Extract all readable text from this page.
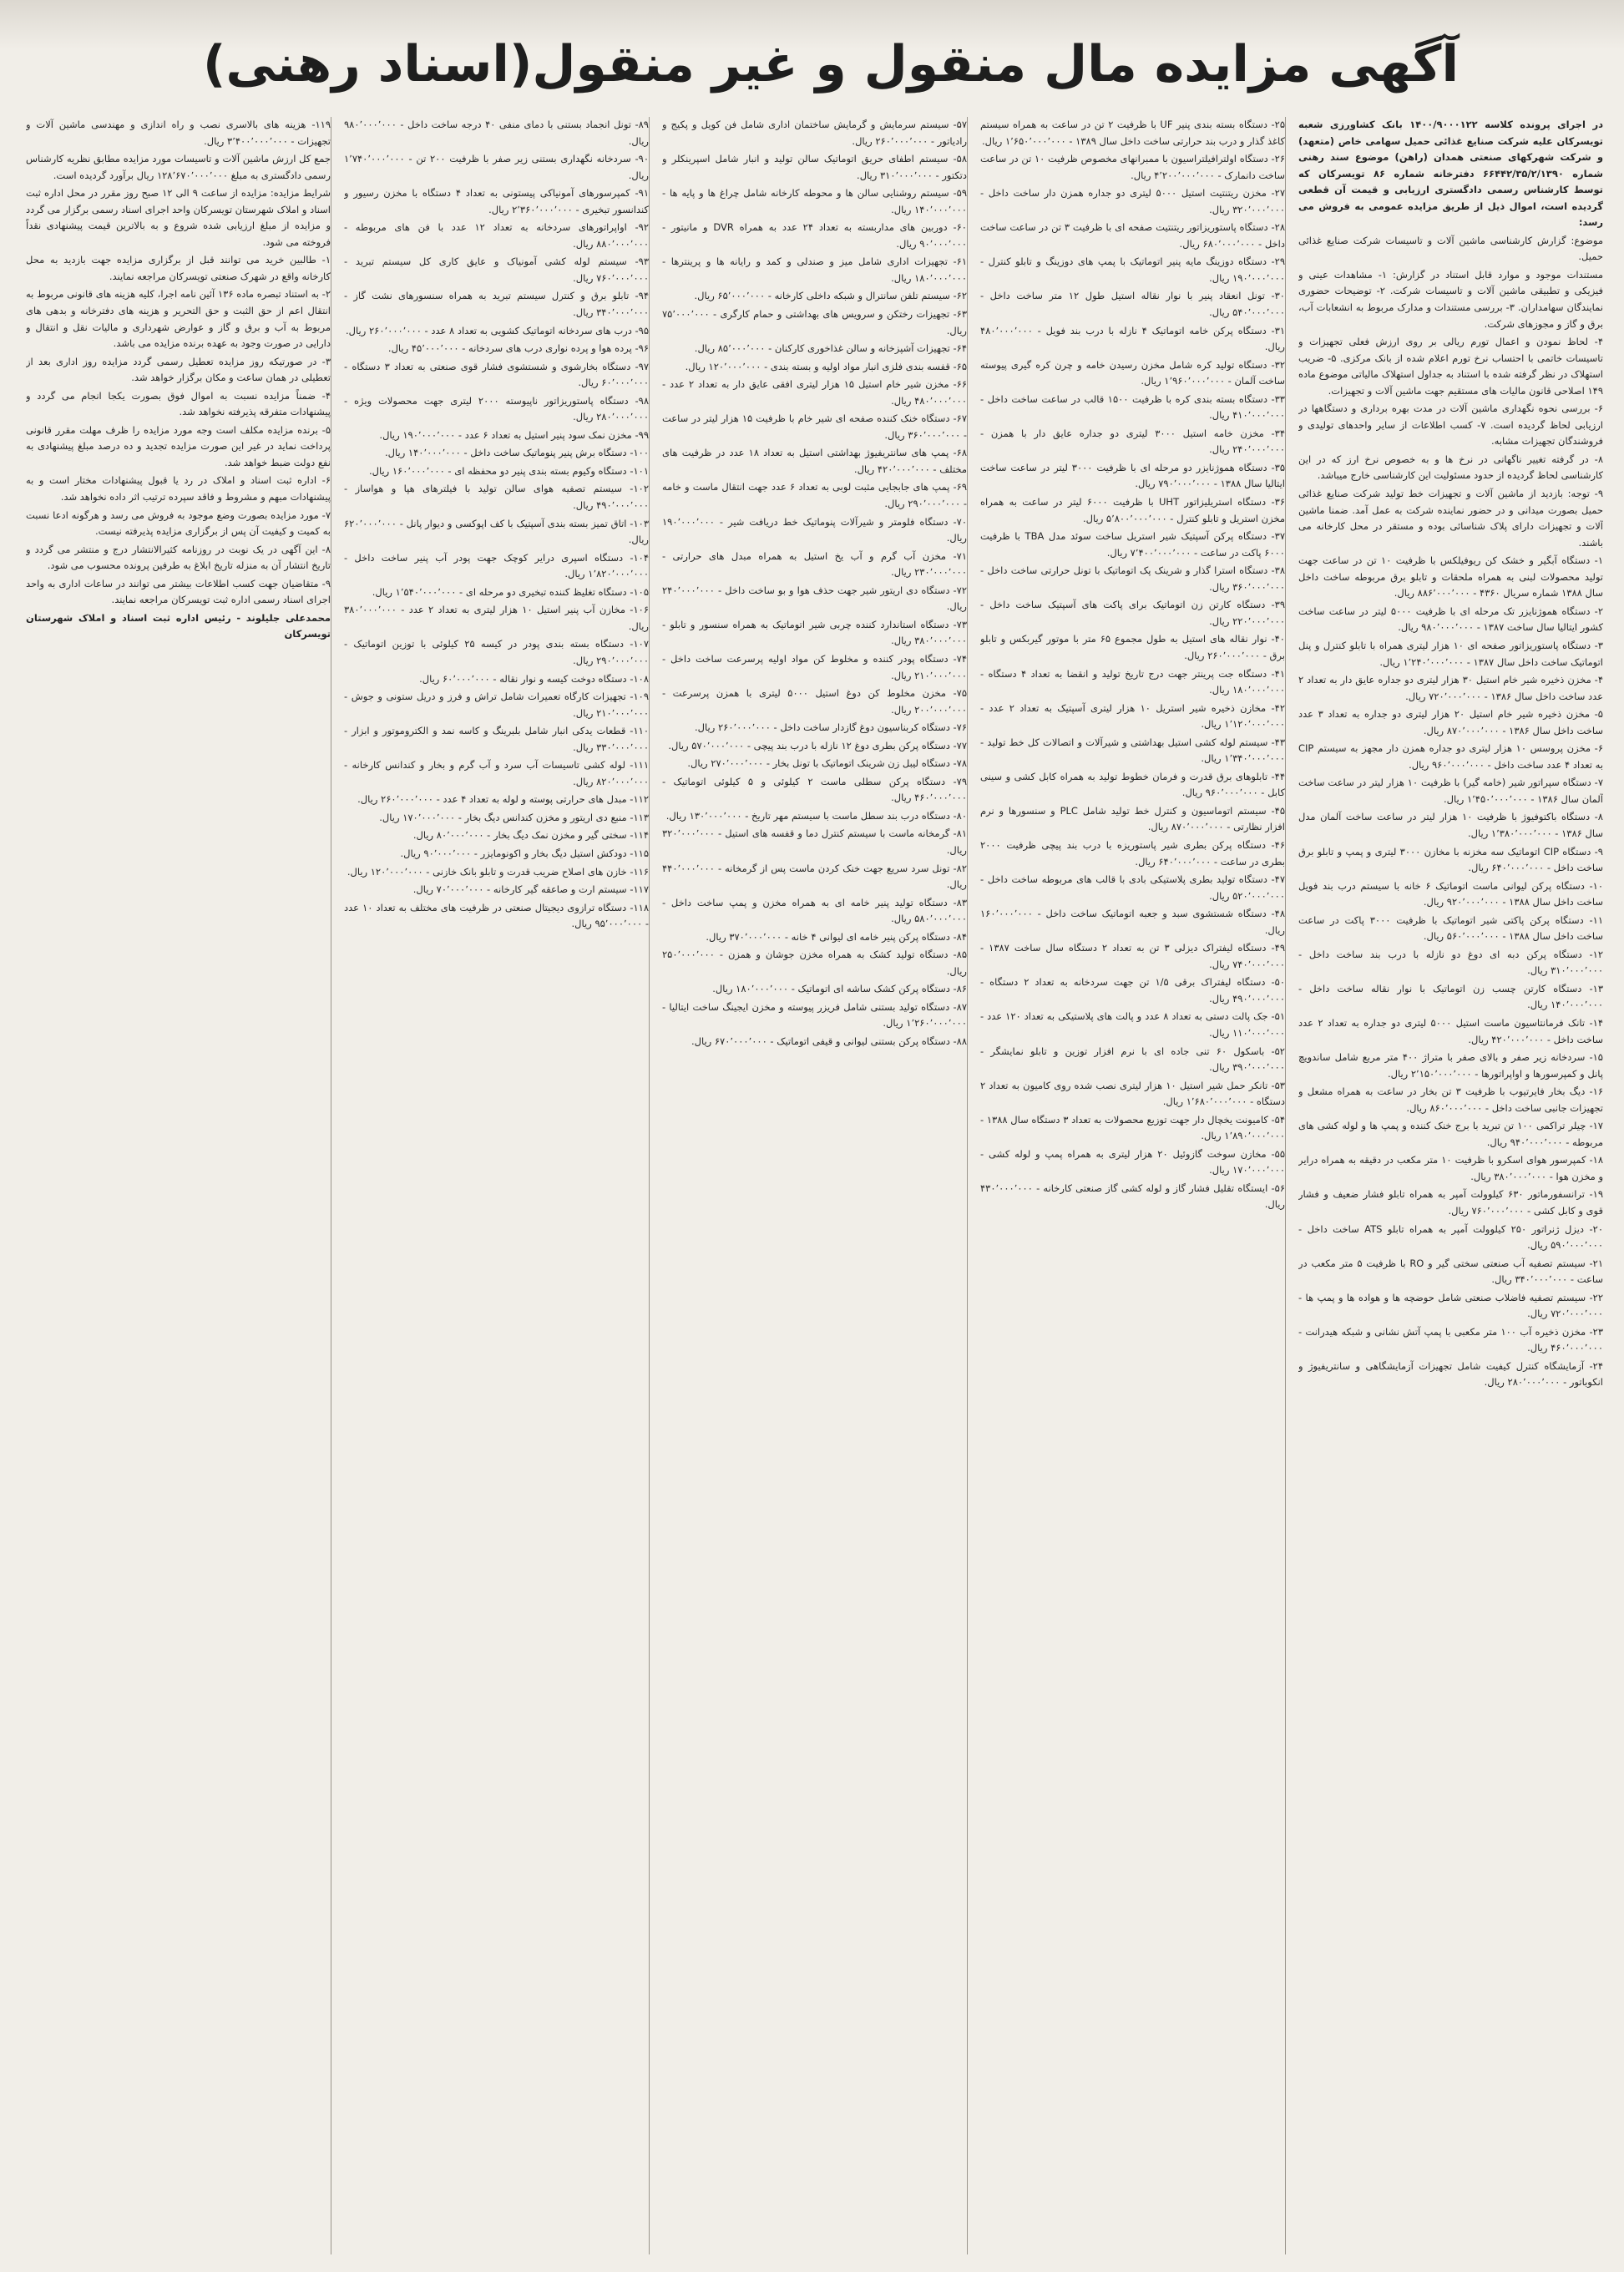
آگهی مزایده مال منقول و غیر منقول(اسناد رهنی)

در اجرای پرونده کلاسه ۱۴۰۰/۹۰۰۰۱۲۲ بانک کشاورزی شعبه تویسرکان علیه شرکت صنایع غذائی حمیل سهامی خاص (متعهد) و شرکت شهرکهای صنعتی همدان (راهن) موضوع سند رهنی شماره ۶۶۴۴۲/۳۵/۲/۱۳۹۰ دفترخانه شماره ۸۶ تویسرکان که توسط کارشناس رسمی دادگستری ارزیابی و قیمت آن قطعی گردیده است، اموال ذیل از طریق مزایده عمومی به فروش می رسد:

موضوع: گزارش کارشناسی ماشین آلات و تاسیسات شرکت صنایع غذائی حمیل.

مستندات موجود و موارد قابل استناد در گزارش: ۱- مشاهدات عینی و فیزیکی و تطبیقی ماشین آلات و تاسیسات شرکت. ۲- توضیحات حضوری نمایندگان سهامداران. ۳- بررسی مستندات و مدارک مربوط به انشعابات آب، برق و گاز و مجوزهای شرکت.

۴- لحاظ نمودن و اعمال تورم ریالی بر روی ارزش فعلی تجهیزات و تاسیسات خاتمی با احتساب نرخ تورم اعلام شده از بانک مرکزی. ۵- ضریب استهلاک در نظر گرفته شده با استناد به جداول استهلاک مالیاتی موضوع ماده ۱۴۹ اصلاحی قانون مالیات های مستقیم جهت ماشین آلات و تجهیزات.

۶- بررسی نحوه نگهداری ماشین آلات در مدت بهره برداری و دستگاهها در ارزیابی لحاظ گردیده است. ۷- کسب اطلاعات از سایر واحدهای تولیدی و فروشندگان تجهیزات مشابه.

۸- در گرفته تغییر ناگهانی در نرخ ها و به خصوص نرخ ارز که در این کارشناسی لحاظ گردیده از حدود مسئولیت این کارشناسی خارج میباشد.

۹- توجه: بازدید از ماشین آلات و تجهیزات خط تولید شرکت صنایع غذائی حمیل بصورت میدانی و در حضور نماینده شرکت به عمل آمد. ضمنا ماشین آلات و تجهیزات دارای پلاک شناسائی بوده و مستقر در محل کارخانه می باشند.

۱- دستگاه آبگیر و خشک کن ریوفیلکس با ظرفیت ۱۰ تن در ساعت جهت تولید محصولات لبنی به همراه ملحقات و تابلو برق مربوطه ساخت داخل سال ۱۳۸۸ شماره سریال ۴۳۶۰ - ۸۸۶٬۰۰۰٬۰۰۰ ریال.

۲- دستگاه هموژنایزر تک مرحله ای با ظرفیت ۵۰۰۰ لیتر در ساعت ساخت کشور ایتالیا سال ساخت ۱۳۸۷ - ۹۸۰٬۰۰۰٬۰۰۰ ریال.

۳- دستگاه پاستوریزاتور صفحه ای ۱۰ هزار لیتری همراه با تابلو کنترل و پنل اتوماتیک ساخت داخل سال ۱۳۸۷ - ۱٬۲۴۰٬۰۰۰٬۰۰۰ ریال.

۴- مخزن ذخیره شیر خام استیل ۳۰ هزار لیتری دو جداره عایق دار به تعداد ۲ عدد ساخت داخل سال ۱۳۸۶ - ۷۲۰٬۰۰۰٬۰۰۰ ریال.

۵- مخزن ذخیره شیر خام استیل ۲۰ هزار لیتری دو جداره به تعداد ۳ عدد ساخت داخل سال ۱۳۸۶ - ۸۷۰٬۰۰۰٬۰۰۰ ریال.

۶- مخزن پروسس ۱۰ هزار لیتری دو جداره همزن دار مجهز به سیستم CIP به تعداد ۴ عدد ساخت داخل - ۹۶۰٬۰۰۰٬۰۰۰ ریال.

۷- دستگاه سپراتور شیر (خامه گیر) با ظرفیت ۱۰ هزار لیتر در ساعت ساخت آلمان سال ۱۳۸۶ - ۱٬۴۵۰٬۰۰۰٬۰۰۰ ریال.

۸- دستگاه باکتوفیوژ با ظرفیت ۱۰ هزار لیتر در ساعت ساخت آلمان مدل سال ۱۳۸۶ - ۱٬۳۸۰٬۰۰۰٬۰۰۰ ریال.

۹- دستگاه CIP اتوماتیک سه مخزنه با مخازن ۳۰۰۰ لیتری و پمپ و تابلو برق ساخت داخل - ۶۴۰٬۰۰۰٬۰۰۰ ریال.

۱۰- دستگاه پرکن لیوانی ماست اتوماتیک ۶ خانه با سیستم درب بند فویل ساخت داخل سال ۱۳۸۸ - ۹۲۰٬۰۰۰٬۰۰۰ ریال.

۱۱- دستگاه پرکن پاکتی شیر اتوماتیک با ظرفیت ۳۰۰۰ پاکت در ساعت ساخت داخل سال ۱۳۸۸ - ۵۶۰٬۰۰۰٬۰۰۰ ریال.

۱۲- دستگاه پرکن دبه ای دوغ دو نازله با درب بند ساخت داخل - ۳۱۰٬۰۰۰٬۰۰۰ ریال.

۱۳- دستگاه کارتن چسب زن اتوماتیک با نوار نقاله ساخت داخل - ۱۴۰٬۰۰۰٬۰۰۰ ریال.

۱۴- تانک فرمانتاسیون ماست استیل ۵۰۰۰ لیتری دو جداره به تعداد ۲ عدد ساخت داخل - ۴۲۰٬۰۰۰٬۰۰۰ ریال.

۱۵- سردخانه زیر صفر و بالای صفر با متراژ ۴۰۰ متر مربع شامل ساندویچ پانل و کمپرسورها و اواپراتورها - ۲٬۱۵۰٬۰۰۰٬۰۰۰ ریال.

۱۶- دیگ بخار فایرتیوب با ظرفیت ۳ تن بخار در ساعت به همراه مشعل و تجهیزات جانبی ساخت داخل - ۸۶۰٬۰۰۰٬۰۰۰ ریال.

۱۷- چیلر تراکمی ۱۰۰ تن تبرید با برج خنک کننده و پمپ ها و لوله کشی های مربوطه - ۹۴۰٬۰۰۰٬۰۰۰ ریال.

۱۸- کمپرسور هوای اسکرو با ظرفیت ۱۰ متر مکعب در دقیقه به همراه درایر و مخزن هوا - ۳۸۰٬۰۰۰٬۰۰۰ ریال.

۱۹- ترانسفورماتور ۶۳۰ کیلوولت آمپر به همراه تابلو فشار ضعیف و فشار قوی و کابل کشی - ۷۶۰٬۰۰۰٬۰۰۰ ریال.

۲۰- دیزل ژنراتور ۲۵۰ کیلوولت آمپر به همراه تابلو ATS ساخت داخل - ۵۹۰٬۰۰۰٬۰۰۰ ریال.

۲۱- سیستم تصفیه آب صنعتی سختی گیر و RO با ظرفیت ۵ متر مکعب در ساعت - ۳۴۰٬۰۰۰٬۰۰۰ ریال.

۲۲- سیستم تصفیه فاضلاب صنعتی شامل حوضچه ها و هواده ها و پمپ ها - ۷۲۰٬۰۰۰٬۰۰۰ ریال.

۲۳- مخزن ذخیره آب ۱۰۰ متر مکعبی با پمپ آتش نشانی و شبکه هیدرانت - ۴۶۰٬۰۰۰٬۰۰۰ ریال.

۲۴- آزمایشگاه کنترل کیفیت شامل تجهیزات آزمایشگاهی و سانتریفیوژ و انکوباتور - ۲۸۰٬۰۰۰٬۰۰۰ ریال.

۲۵- دستگاه بسته بندی پنیر UF با ظرفیت ۲ تن در ساعت به همراه سیستم کاغذ گذار و درب بند حرارتی ساخت داخل سال ۱۳۸۹ - ۱٬۶۵۰٬۰۰۰٬۰۰۰ ریال.

۲۶- دستگاه اولترافیلتراسیون با ممبرانهای مخصوص ظرفیت ۱۰ تن در ساعت ساخت دانمارک - ۴٬۲۰۰٬۰۰۰٬۰۰۰ ریال.

۲۷- مخزن ریتنتیت استیل ۵۰۰۰ لیتری دو جداره همزن دار ساخت داخل - ۳۲۰٬۰۰۰٬۰۰۰ ریال.

۲۸- دستگاه پاستوریزاتور ریتنتیت صفحه ای با ظرفیت ۳ تن در ساعت ساخت داخل - ۶۸۰٬۰۰۰٬۰۰۰ ریال.

۲۹- دستگاه دوزینگ مایه پنیر اتوماتیک با پمپ های دوزینگ و تابلو کنترل - ۱۹۰٬۰۰۰٬۰۰۰ ریال.

۳۰- تونل انعقاد پنیر با نوار نقاله استیل طول ۱۲ متر ساخت داخل - ۵۴۰٬۰۰۰٬۰۰۰ ریال.

۳۱- دستگاه پرکن خامه اتوماتیک ۴ نازله با درب بند فویل - ۴۸۰٬۰۰۰٬۰۰۰ ریال.

۳۲- دستگاه تولید کره شامل مخزن رسیدن خامه و چرن کره گیری پیوسته ساخت آلمان - ۱٬۹۶۰٬۰۰۰٬۰۰۰ ریال.

۳۳- دستگاه بسته بندی کره با ظرفیت ۱۵۰۰ قالب در ساعت ساخت داخل - ۴۱۰٬۰۰۰٬۰۰۰ ریال.

۳۴- مخزن خامه استیل ۳۰۰۰ لیتری دو جداره عایق دار با همزن - ۲۴۰٬۰۰۰٬۰۰۰ ریال.

۳۵- دستگاه هموژنایزر دو مرحله ای با ظرفیت ۳۰۰۰ لیتر در ساعت ساخت ایتالیا سال ۱۳۸۸ - ۷۹۰٬۰۰۰٬۰۰۰ ریال.

۳۶- دستگاه استریلیزاتور UHT با ظرفیت ۶۰۰۰ لیتر در ساعت به همراه مخزن استریل و تابلو کنترل - ۵٬۸۰۰٬۰۰۰٬۰۰۰ ریال.

۳۷- دستگاه پرکن آسپتیک شیر استریل ساخت سوئد مدل TBA با ظرفیت ۶۰۰۰ پاکت در ساعت - ۷٬۴۰۰٬۰۰۰٬۰۰۰ ریال.

۳۸- دستگاه استرا گذار و شرینک پک اتوماتیک با تونل حرارتی ساخت داخل - ۳۶۰٬۰۰۰٬۰۰۰ ریال.

۳۹- دستگاه کارتن زن اتوماتیک برای پاکت های آسپتیک ساخت داخل - ۲۲۰٬۰۰۰٬۰۰۰ ریال.

۴۰- نوار نقاله های استیل به طول مجموع ۶۵ متر با موتور گیربکس و تابلو برق - ۲۶۰٬۰۰۰٬۰۰۰ ریال.

۴۱- دستگاه جت پرینتر جهت درج تاریخ تولید و انقضا به تعداد ۴ دستگاه - ۱۸۰٬۰۰۰٬۰۰۰ ریال.

۴۲- مخازن ذخیره شیر استریل ۱۰ هزار لیتری آسپتیک به تعداد ۲ عدد - ۱٬۱۲۰٬۰۰۰٬۰۰۰ ریال.

۴۳- سیستم لوله کشی استیل بهداشتی و شیرآلات و اتصالات کل خط تولید - ۱٬۳۴۰٬۰۰۰٬۰۰۰ ریال.

۴۴- تابلوهای برق قدرت و فرمان خطوط تولید به همراه کابل کشی و سینی کابل - ۹۶۰٬۰۰۰٬۰۰۰ ریال.

۴۵- سیستم اتوماسیون و کنترل خط تولید شامل PLC و سنسورها و نرم افزار نظارتی - ۸۷۰٬۰۰۰٬۰۰۰ ریال.

۴۶- دستگاه پرکن بطری شیر پاستوریزه با درب بند پیچی ظرفیت ۲۰۰۰ بطری در ساعت - ۶۴۰٬۰۰۰٬۰۰۰ ریال.

۴۷- دستگاه تولید بطری پلاستیکی بادی با قالب های مربوطه ساخت داخل - ۵۲۰٬۰۰۰٬۰۰۰ ریال.

۴۸- دستگاه شستشوی سبد و جعبه اتوماتیک ساخت داخل - ۱۶۰٬۰۰۰٬۰۰۰ ریال.

۴۹- دستگاه لیفتراک دیزلی ۳ تن به تعداد ۲ دستگاه سال ساخت ۱۳۸۷ - ۷۴۰٬۰۰۰٬۰۰۰ ریال.

۵۰- دستگاه لیفتراک برقی ۱/۵ تن جهت سردخانه به تعداد ۲ دستگاه - ۴۹۰٬۰۰۰٬۰۰۰ ریال.

۵۱- جک پالت دستی به تعداد ۸ عدد و پالت های پلاستیکی به تعداد ۱۲۰ عدد - ۱۱۰٬۰۰۰٬۰۰۰ ریال.

۵۲- باسکول ۶۰ تنی جاده ای با نرم افزار توزین و تابلو نمایشگر - ۳۹۰٬۰۰۰٬۰۰۰ ریال.

۵۳- تانکر حمل شیر استیل ۱۰ هزار لیتری نصب شده روی کامیون به تعداد ۲ دستگاه - ۱٬۶۸۰٬۰۰۰٬۰۰۰ ریال.

۵۴- کامیونت یخچال دار جهت توزیع محصولات به تعداد ۳ دستگاه سال ۱۳۸۸ - ۱٬۸۹۰٬۰۰۰٬۰۰۰ ریال.

۵۵- مخازن سوخت گازوئیل ۲۰ هزار لیتری به همراه پمپ و لوله کشی - ۱۷۰٬۰۰۰٬۰۰۰ ریال.

۵۶- ایستگاه تقلیل فشار گاز و لوله کشی گاز صنعتی کارخانه - ۴۳۰٬۰۰۰٬۰۰۰ ریال.

۵۷- سیستم سرمایش و گرمایش ساختمان اداری شامل فن کویل و پکیج و رادیاتور - ۲۶۰٬۰۰۰٬۰۰۰ ریال.

۵۸- سیستم اطفای حریق اتوماتیک سالن تولید و انبار شامل اسپرینکلر و دتکتور - ۳۱۰٬۰۰۰٬۰۰۰ ریال.

۵۹- سیستم روشنایی سالن ها و محوطه کارخانه شامل چراغ ها و پایه ها - ۱۴۰٬۰۰۰٬۰۰۰ ریال.

۶۰- دوربین های مداربسته به تعداد ۲۴ عدد به همراه DVR و مانیتور - ۹۰٬۰۰۰٬۰۰۰ ریال.

۶۱- تجهیزات اداری شامل میز و صندلی و کمد و رایانه ها و پرینترها - ۱۸۰٬۰۰۰٬۰۰۰ ریال.

۶۲- سیستم تلفن سانترال و شبکه داخلی کارخانه - ۶۵٬۰۰۰٬۰۰۰ ریال.

۶۳- تجهیزات رختکن و سرویس های بهداشتی و حمام کارگری - ۷۵٬۰۰۰٬۰۰۰ ریال.

۶۴- تجهیزات آشپزخانه و سالن غذاخوری کارکنان - ۸۵٬۰۰۰٬۰۰۰ ریال.

۶۵- قفسه بندی فلزی انبار مواد اولیه و بسته بندی - ۱۲۰٬۰۰۰٬۰۰۰ ریال.

۶۶- مخزن شیر خام استیل ۱۵ هزار لیتری افقی عایق دار به تعداد ۲ عدد - ۴۸۰٬۰۰۰٬۰۰۰ ریال.

۶۷- دستگاه خنک کننده صفحه ای شیر خام با ظرفیت ۱۵ هزار لیتر در ساعت - ۳۶۰٬۰۰۰٬۰۰۰ ریال.

۶۸- پمپ های سانتریفیوژ بهداشتی استیل به تعداد ۱۸ عدد در ظرفیت های مختلف - ۴۲۰٬۰۰۰٬۰۰۰ ریال.

۶۹- پمپ های جابجایی مثبت لوبی به تعداد ۶ عدد جهت انتقال ماست و خامه - ۲۹۰٬۰۰۰٬۰۰۰ ریال.

۷۰- دستگاه فلومتر و شیرآلات پنوماتیک خط دریافت شیر - ۱۹۰٬۰۰۰٬۰۰۰ ریال.

۷۱- مخزن آب گرم و آب یخ استیل به همراه مبدل های حرارتی - ۲۳۰٬۰۰۰٬۰۰۰ ریال.

۷۲- دستگاه دی اریتور شیر جهت حذف هوا و بو ساخت داخل - ۲۴۰٬۰۰۰٬۰۰۰ ریال.

۷۳- دستگاه استاندارد کننده چربی شیر اتوماتیک به همراه سنسور و تابلو - ۳۸۰٬۰۰۰٬۰۰۰ ریال.

۷۴- دستگاه پودر کننده و مخلوط کن مواد اولیه پرسرعت ساخت داخل - ۲۱۰٬۰۰۰٬۰۰۰ ریال.

۷۵- مخزن مخلوط کن دوغ استیل ۵۰۰۰ لیتری با همزن پرسرعت - ۲۰۰٬۰۰۰٬۰۰۰ ریال.

۷۶- دستگاه کربناسیون دوغ گازدار ساخت داخل - ۲۶۰٬۰۰۰٬۰۰۰ ریال.

۷۷- دستگاه پرکن بطری دوغ ۱۲ نازله با درب بند پیچی - ۵۷۰٬۰۰۰٬۰۰۰ ریال.

۷۸- دستگاه لیبل زن شرینک اتوماتیک با تونل بخار - ۲۷۰٬۰۰۰٬۰۰۰ ریال.

۷۹- دستگاه پرکن سطلی ماست ۲ کیلوئی و ۵ کیلوئی اتوماتیک - ۴۶۰٬۰۰۰٬۰۰۰ ریال.

۸۰- دستگاه درب بند سطل ماست با سیستم مهر تاریخ - ۱۳۰٬۰۰۰٬۰۰۰ ریال.

۸۱- گرمخانه ماست با سیستم کنترل دما و قفسه های استیل - ۳۲۰٬۰۰۰٬۰۰۰ ریال.

۸۲- تونل سرد سریع جهت خنک کردن ماست پس از گرمخانه - ۴۴۰٬۰۰۰٬۰۰۰ ریال.

۸۳- دستگاه تولید پنیر خامه ای به همراه مخزن و پمپ ساخت داخل - ۵۸۰٬۰۰۰٬۰۰۰ ریال.

۸۴- دستگاه پرکن پنیر خامه ای لیوانی ۴ خانه - ۳۷۰٬۰۰۰٬۰۰۰ ریال.

۸۵- دستگاه تولید کشک به همراه مخزن جوشان و همزن - ۲۵۰٬۰۰۰٬۰۰۰ ریال.

۸۶- دستگاه پرکن کشک ساشه ای اتوماتیک - ۱۸۰٬۰۰۰٬۰۰۰ ریال.

۸۷- دستگاه تولید بستنی شامل فریزر پیوسته و مخزن ایجینگ ساخت ایتالیا - ۱٬۲۶۰٬۰۰۰٬۰۰۰ ریال.

۸۸- دستگاه پرکن بستنی لیوانی و قیفی اتوماتیک - ۶۷۰٬۰۰۰٬۰۰۰ ریال.

۸۹- تونل انجماد بستنی با دمای منفی ۴۰ درجه ساخت داخل - ۹۸۰٬۰۰۰٬۰۰۰ ریال.

۹۰- سردخانه نگهداری بستنی زیر صفر با ظرفیت ۲۰۰ تن - ۱٬۷۴۰٬۰۰۰٬۰۰۰ ریال.

۹۱- کمپرسورهای آمونیاکی پیستونی به تعداد ۴ دستگاه با مخزن رسیور و کندانسور تبخیری - ۲٬۳۶۰٬۰۰۰٬۰۰۰ ریال.

۹۲- اواپراتورهای سردخانه به تعداد ۱۲ عدد با فن های مربوطه - ۸۸۰٬۰۰۰٬۰۰۰ ریال.

۹۳- سیستم لوله کشی آمونیاک و عایق کاری کل سیستم تبرید - ۷۶۰٬۰۰۰٬۰۰۰ ریال.

۹۴- تابلو برق و کنترل سیستم تبرید به همراه سنسورهای نشت گاز - ۳۴۰٬۰۰۰٬۰۰۰ ریال.

۹۵- درب های سردخانه اتوماتیک کشویی به تعداد ۸ عدد - ۲۶۰٬۰۰۰٬۰۰۰ ریال.

۹۶- پرده هوا و پرده نواری درب های سردخانه - ۴۵٬۰۰۰٬۰۰۰ ریال.

۹۷- دستگاه بخارشوی و شستشوی فشار قوی صنعتی به تعداد ۳ دستگاه - ۶۰٬۰۰۰٬۰۰۰ ریال.

۹۸- دستگاه پاستوریزاتور ناپیوسته ۲۰۰۰ لیتری جهت محصولات ویژه - ۲۸۰٬۰۰۰٬۰۰۰ ریال.

۹۹- مخزن نمک سود پنیر استیل به تعداد ۶ عدد - ۱۹۰٬۰۰۰٬۰۰۰ ریال.

۱۰۰- دستگاه برش پنیر پنوماتیک ساخت داخل - ۱۴۰٬۰۰۰٬۰۰۰ ریال.

۱۰۱- دستگاه وکیوم بسته بندی پنیر دو محفظه ای - ۱۶۰٬۰۰۰٬۰۰۰ ریال.

۱۰۲- سیستم تصفیه هوای سالن تولید با فیلترهای هپا و هواساز - ۴۹۰٬۰۰۰٬۰۰۰ ریال.

۱۰۳- اتاق تمیز بسته بندی آسپتیک با کف اپوکسی و دیوار پانل - ۶۲۰٬۰۰۰٬۰۰۰ ریال.

۱۰۴- دستگاه اسپری درایر کوچک جهت پودر آب پنیر ساخت داخل - ۱٬۸۲۰٬۰۰۰٬۰۰۰ ریال.

۱۰۵- دستگاه تغلیظ کننده تبخیری دو مرحله ای - ۱٬۵۴۰٬۰۰۰٬۰۰۰ ریال.

۱۰۶- مخازن آب پنیر استیل ۱۰ هزار لیتری به تعداد ۲ عدد - ۳۸۰٬۰۰۰٬۰۰۰ ریال.

۱۰۷- دستگاه بسته بندی پودر در کیسه ۲۵ کیلوئی با توزین اتوماتیک - ۲۹۰٬۰۰۰٬۰۰۰ ریال.

۱۰۸- دستگاه دوخت کیسه و نوار نقاله - ۶۰٬۰۰۰٬۰۰۰ ریال.

۱۰۹- تجهیزات کارگاه تعمیرات شامل تراش و فرز و دریل ستونی و جوش - ۲۱۰٬۰۰۰٬۰۰۰ ریال.

۱۱۰- قطعات یدکی انبار شامل بلبرینگ و کاسه نمد و الکتروموتور و ابزار - ۳۳۰٬۰۰۰٬۰۰۰ ریال.

۱۱۱- لوله کشی تاسیسات آب سرد و آب گرم و بخار و کندانس کارخانه - ۸۲۰٬۰۰۰٬۰۰۰ ریال.

۱۱۲- مبدل های حرارتی پوسته و لوله به تعداد ۴ عدد - ۲۶۰٬۰۰۰٬۰۰۰ ریال.

۱۱۳- منبع دی اریتور و مخزن کندانس دیگ بخار - ۱۷۰٬۰۰۰٬۰۰۰ ریال.

۱۱۴- سختی گیر و مخزن نمک دیگ بخار - ۸۰٬۰۰۰٬۰۰۰ ریال.

۱۱۵- دودکش استیل دیگ بخار و اکونومایزر - ۹۰٬۰۰۰٬۰۰۰ ریال.

۱۱۶- خازن های اصلاح ضریب قدرت و تابلو بانک خازنی - ۱۲۰٬۰۰۰٬۰۰۰ ریال.

۱۱۷- سیستم ارت و صاعقه گیر کارخانه - ۷۰٬۰۰۰٬۰۰۰ ریال.

۱۱۸- دستگاه ترازوی دیجیتال صنعتی در ظرفیت های مختلف به تعداد ۱۰ عدد - ۹۵٬۰۰۰٬۰۰۰ ریال.

۱۱۹- هزینه های بالاسری نصب و راه اندازی و مهندسی ماشین آلات و تجهیزات - ۳٬۴۰۰٬۰۰۰٬۰۰۰ ریال.

جمع کل ارزش ماشین آلات و تاسیسات مورد مزایده مطابق نظریه کارشناس رسمی دادگستری به مبلغ ۱۲۸٬۶۷۰٬۰۰۰٬۰۰۰ ریال برآورد گردیده است.

شرایط مزایده: مزایده از ساعت ۹ الی ۱۲ صبح روز مقرر در محل اداره ثبت اسناد و املاک شهرستان تویسرکان واحد اجرای اسناد رسمی برگزار می گردد و مزایده از مبلغ ارزیابی شده شروع و به بالاترین قیمت پیشنهادی نقداً فروخته می شود.

۱- طالبین خرید می توانند قبل از برگزاری مزایده جهت بازدید به محل کارخانه واقع در شهرک صنعتی تویسرکان مراجعه نمایند.

۲- به استناد تبصره ماده ۱۳۶ آئین نامه اجرا، کلیه هزینه های قانونی مربوط به انتقال اعم از حق الثبت و حق التحریر و هزینه های دفترخانه و بدهی های مربوط به آب و برق و گاز و عوارض شهرداری و مالیات نقل و انتقال و دارایی در صورت وجود به عهده برنده مزایده می باشد.

۳- در صورتیکه روز مزایده تعطیل رسمی گردد مزایده روز اداری بعد از تعطیلی در همان ساعت و مکان برگزار خواهد شد.

۴- ضمناً مزایده نسبت به اموال فوق بصورت یکجا انجام می گردد و پیشنهادات متفرقه پذیرفته نخواهد شد.

۵- برنده مزایده مکلف است وجه مورد مزایده را ظرف مهلت مقرر قانونی پرداخت نماید در غیر این صورت مزایده تجدید و ده درصد مبلغ پیشنهادی به نفع دولت ضبط خواهد شد.

۶- اداره ثبت اسناد و املاک در رد یا قبول پیشنهادات مختار است و به پیشنهادات مبهم و مشروط و فاقد سپرده ترتیب اثر داده نخواهد شد.

۷- مورد مزایده بصورت وضع موجود به فروش می رسد و هرگونه ادعا نسبت به کمیت و کیفیت آن پس از برگزاری مزایده پذیرفته نیست.

۸- این آگهی در یک نوبت در روزنامه کثیرالانتشار درج و منتشر می گردد و تاریخ انتشار آن به منزله تاریخ ابلاغ به طرفین پرونده محسوب می شود.

۹- متقاضیان جهت کسب اطلاعات بیشتر می توانند در ساعات اداری به واحد اجرای اسناد رسمی اداره ثبت تویسرکان مراجعه نمایند.

محمدعلی جلیلوند - رئیس اداره ثبت اسناد و املاک شهرستان تویسرکان
